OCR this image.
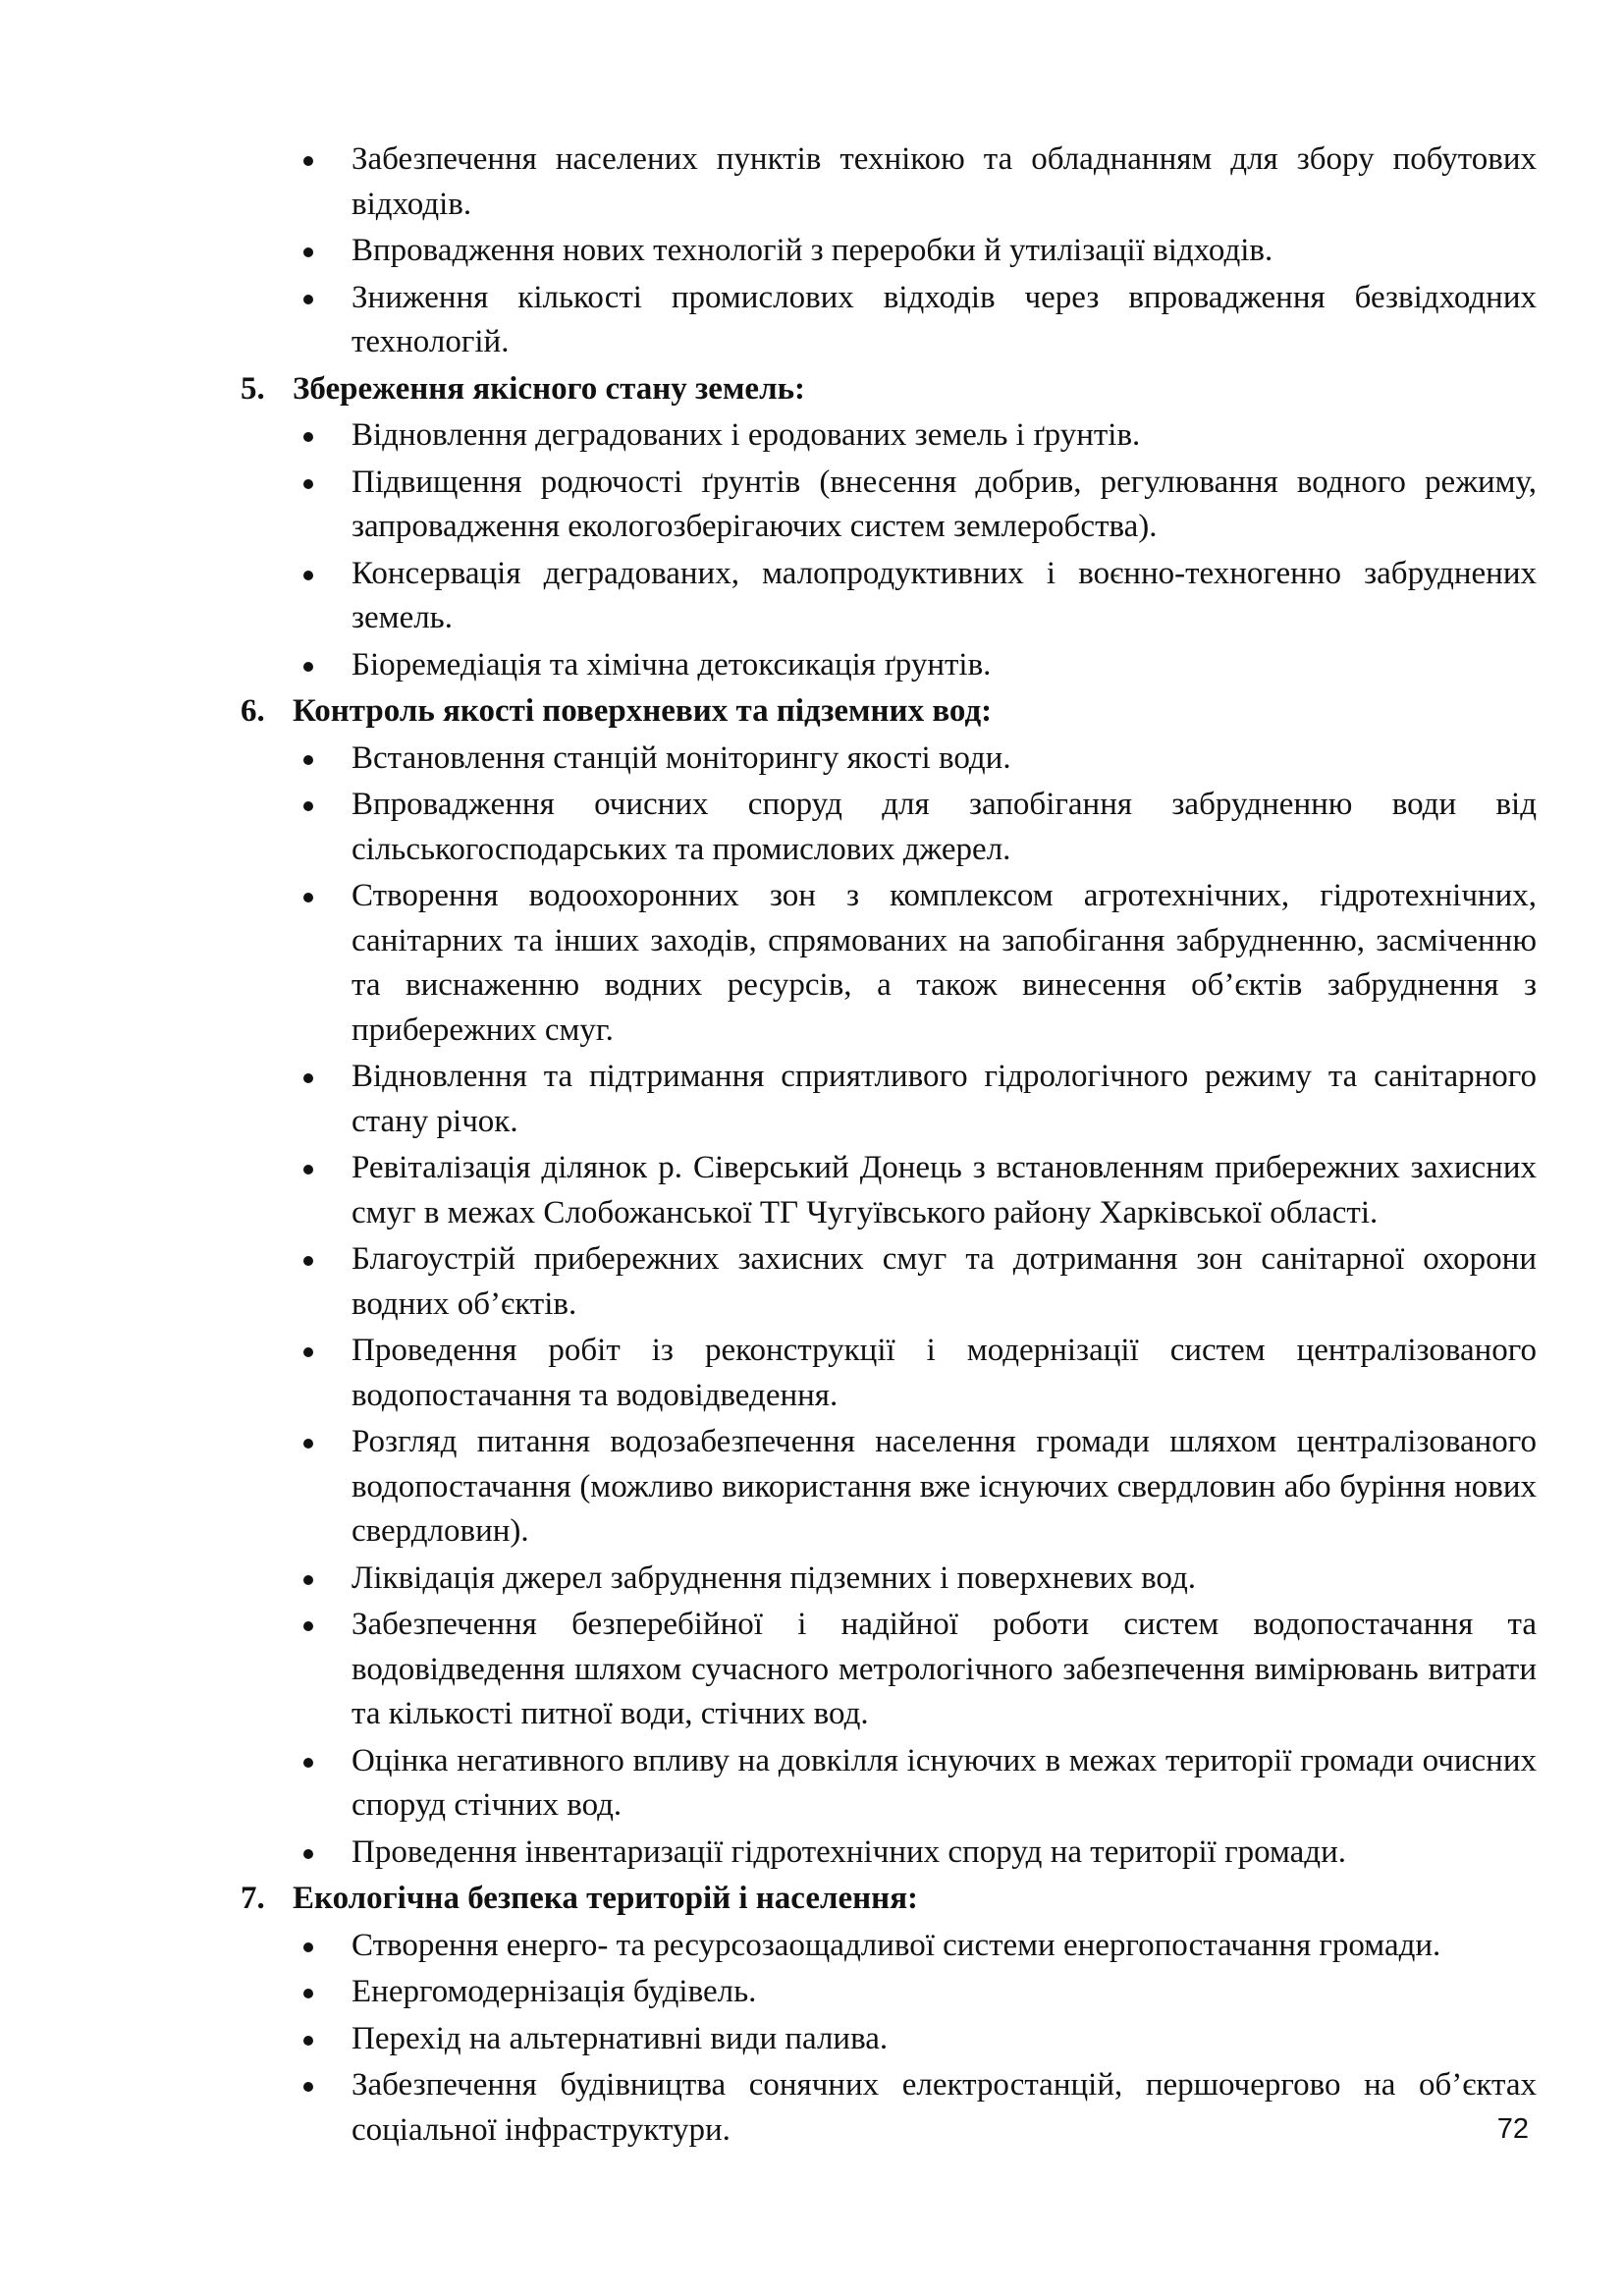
Забезпечення населених пунктів технікою та обладнанням для збору побутових відходів.
Впровадження нових технологій з переробки й утилізації відходів.
Зниження кількості промислових відходів через впровадження безвідходних технологій.
5. Збереження якісного стану земель:
Відновлення деградованих і еродованих земель і ґрунтів.
Підвищення родючості ґрунтів (внесення добрив, регулювання водного режиму, запровадження екологозберігаючих систем землеробства).
Консервація деградованих, малопродуктивних і воєнно-техногенно забруднених земель.
Біоремедіація та хімічна детоксикація ґрунтів.
6. Контроль якості поверхневих та підземних вод:
Встановлення станцій моніторингу якості води.
Впровадження очисних споруд для запобігання забрудненню води від сільськогосподарських та промислових джерел.
Створення водоохоронних зон з комплексом агротехнічних, гідротехнічних, санітарних та інших заходів, спрямованих на запобігання забрудненню, засміченню та виснаженню водних ресурсів, а також винесення об’єктів забруднення з прибережних смуг.
Відновлення та підтримання сприятливого гідрологічного режиму та санітарного стану річок.
Ревіталізація ділянок р. Сіверський Донець з встановленням прибережних захисних смуг в межах Слобожанської ТГ Чугуївського району Харківської області.
Благоустрій прибережних захисних смуг та дотримання зон санітарної охорони водних об’єктів.
Проведення робіт із реконструкції і модернізації систем централізованого водопостачання та водовідведення.
Розгляд питання водозабезпечення населення громади шляхом централізованого водопостачання (можливо використання вже існуючих свердловин або буріння нових свердловин).
Ліквідація джерел забруднення підземних і поверхневих вод.
Забезпечення безперебійної і надійної роботи систем водопостачання та водовідведення шляхом сучасного метрологічного забезпечення вимірювань витрати та кількості питної води, стічних вод.
Оцінка негативного впливу на довкілля існуючих в межах території громади очисних споруд стічних вод.
Проведення інвентаризації гідротехнічних споруд на території громади.
7. Екологічна безпека територій і населення:
Створення енерго- та ресурсозаощадливої системи енергопостачання громади.
Енергомодернізація будівель.
Перехід на альтернативні види палива.
Забезпечення будівництва сонячних електростанцій, першочергово на об’єктах соціальної інфраструктури.	72
